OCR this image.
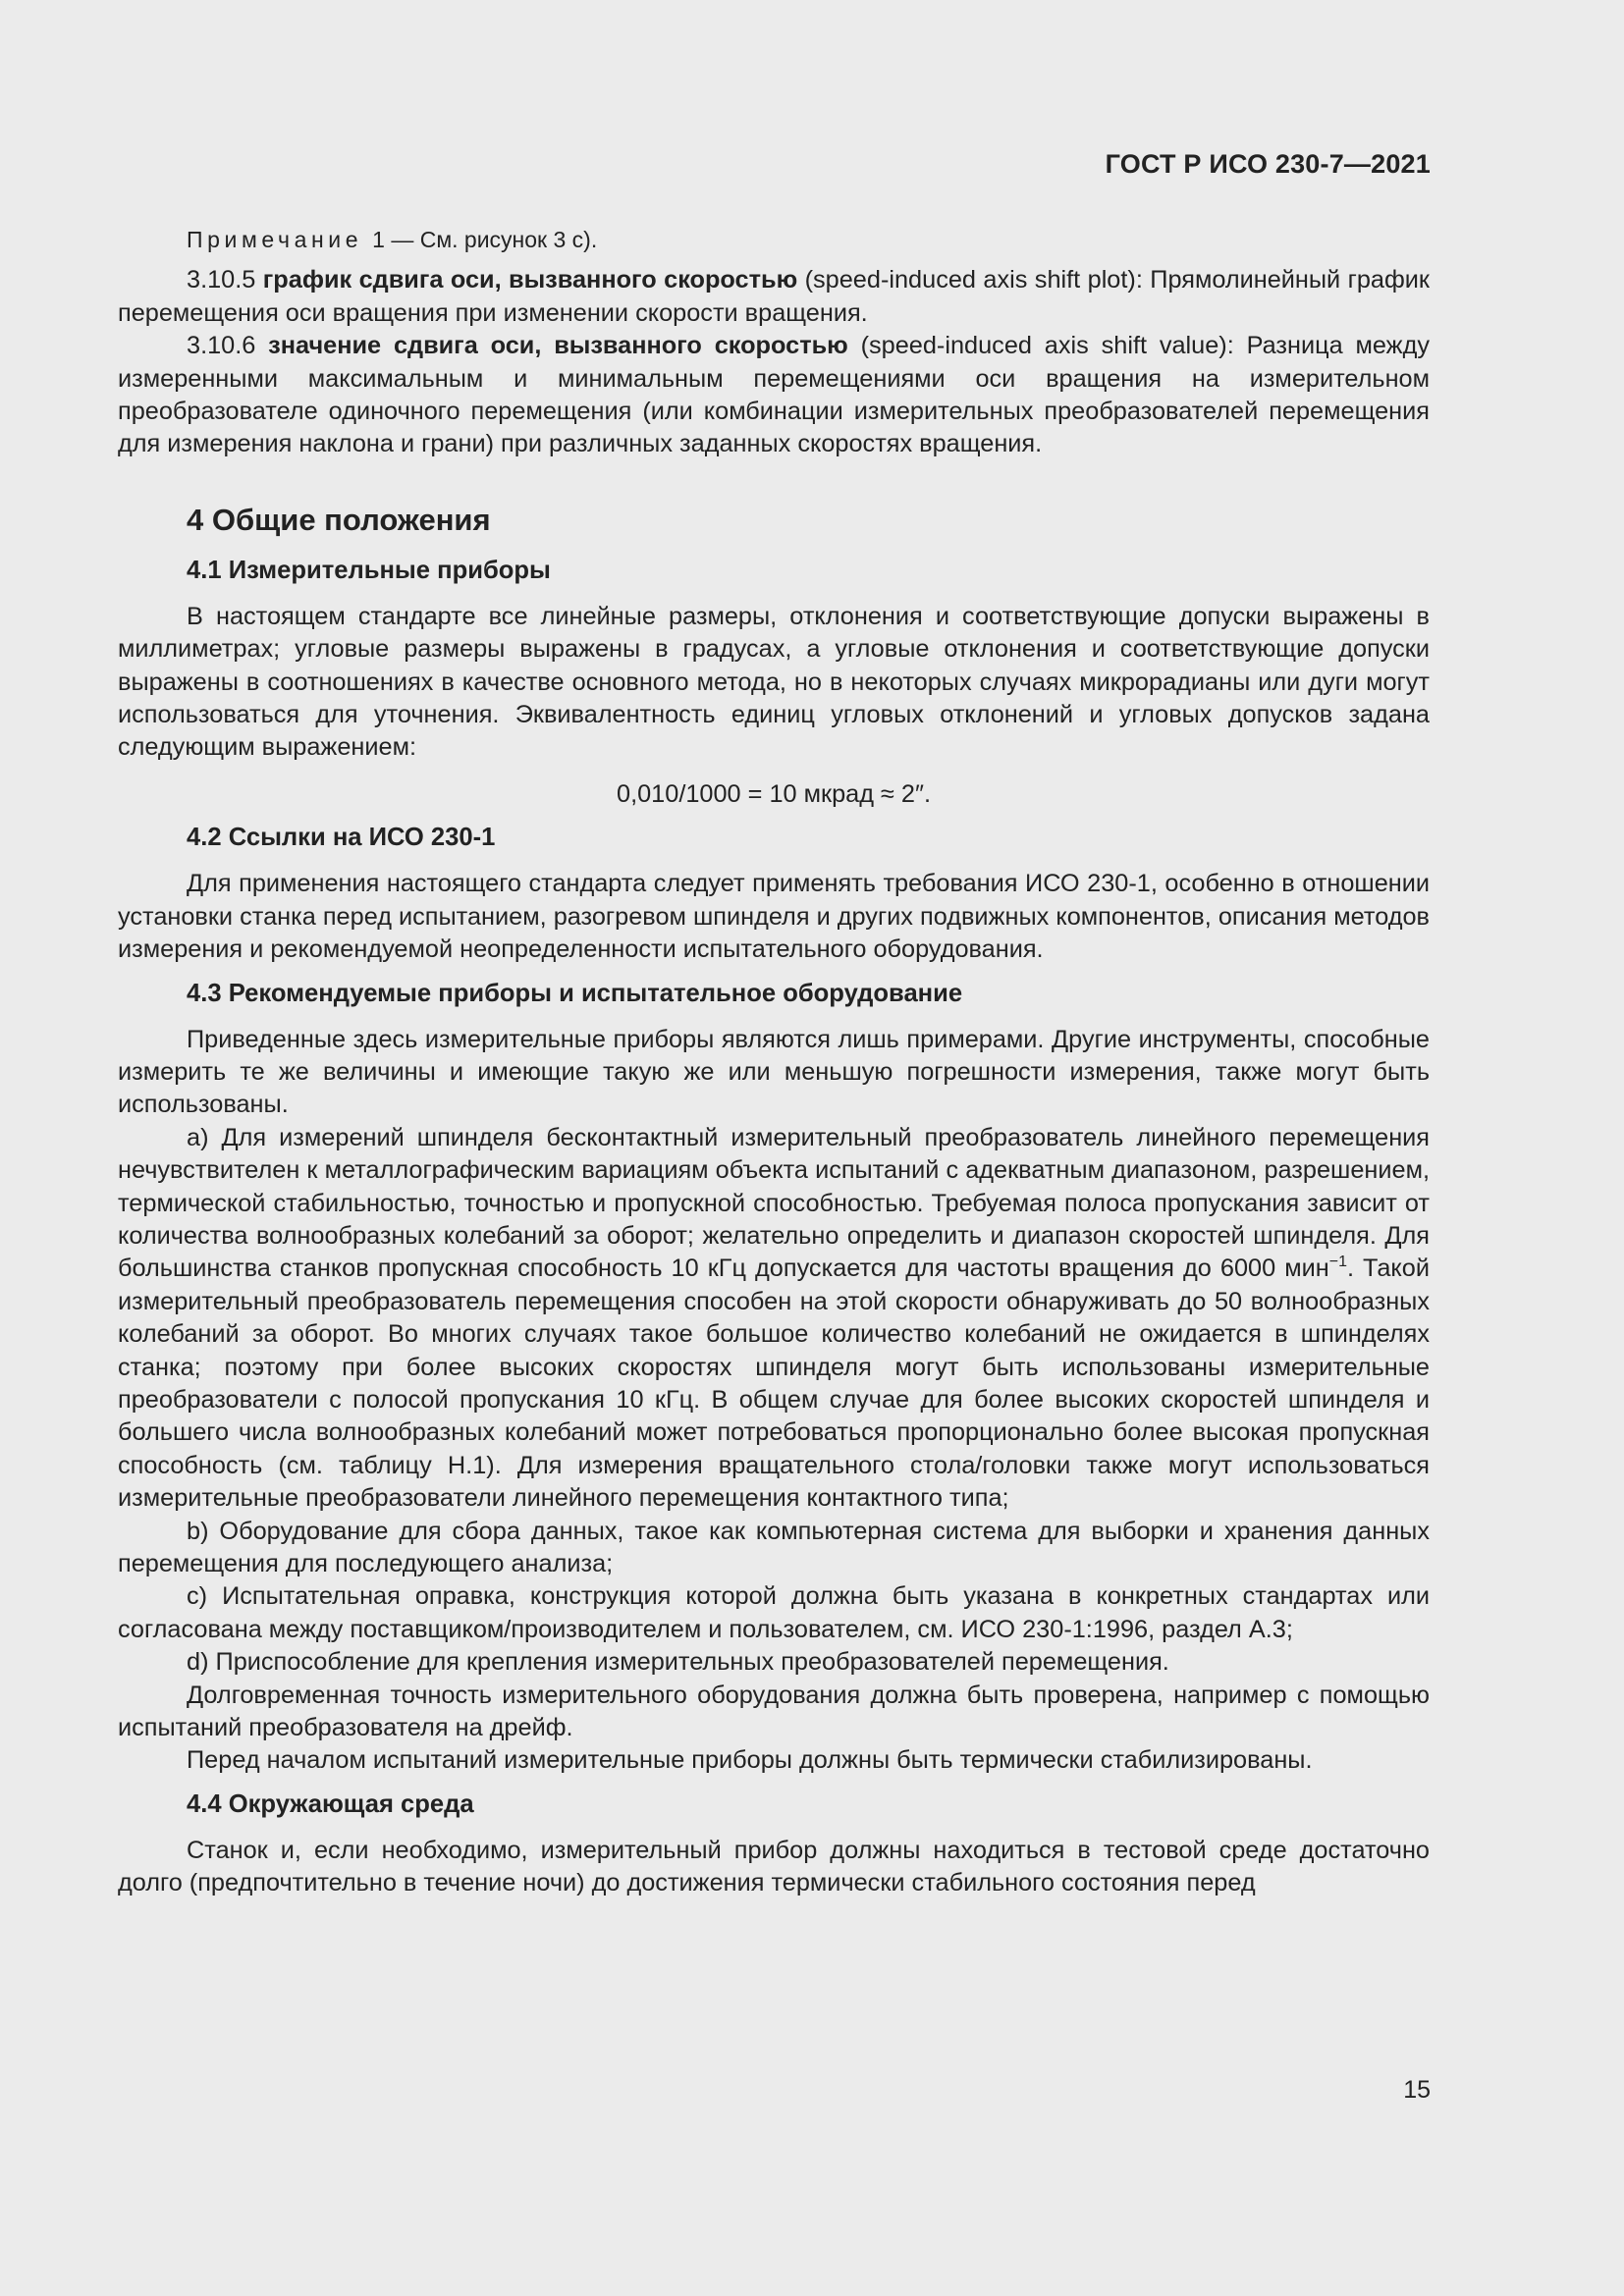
ГОСТ Р ИСО 230-7—2021

Примечание 1 — См. рисунок 3 с).

3.10.5 график сдвига оси, вызванного скоростью (speed-induced axis shift plot): Прямолинейный график перемещения оси вращения при изменении скорости вращения.

3.10.6 значение сдвига оси, вызванного скоростью (speed-induced axis shift value): Разница между измеренными максимальным и минимальным перемещениями оси вращения на измерительном преобразователе одиночного перемещения (или комбинации измерительных преобразователей перемещения для измерения наклона и грани) при различных заданных скоростях вращения.

4 Общие положения
4.1 Измерительные приборы

В настоящем стандарте все линейные размеры, отклонения и соответствующие допуски выражены в миллиметрах; угловые размеры выражены в градусах, а угловые отклонения и соответствующие допуски выражены в соотношениях в качестве основного метода, но в некоторых случаях микрорадианы или дуги могут использоваться для уточнения. Эквивалентность единиц угловых отклонений и угловых допусков задана следующим выражением:

0,010/1000 = 10 мкрад ≈ 2″.

4.2 Ссылки на ИСО 230-1

Для применения настоящего стандарта следует применять требования ИСО 230-1, особенно в отношении установки станка перед испытанием, разогревом шпинделя и других подвижных компонентов, описания методов измерения и рекомендуемой неопределенности испытательного оборудования.

4.3 Рекомендуемые приборы и испытательное оборудование

Приведенные здесь измерительные приборы являются лишь примерами. Другие инструменты, способные измерить те же величины и имеющие такую же или меньшую погрешности измерения, также могут быть использованы.

a) Для измерений шпинделя бесконтактный измерительный преобразователь линейного перемещения нечувствителен к металлографическим вариациям объекта испытаний с адекватным диапазоном, разрешением, термической стабильностью, точностью и пропускной способностью. Требуемая полоса пропускания зависит от количества волнообразных колебаний за оборот; желательно определить и диапазон скоростей шпинделя. Для большинства станков пропускная способность 10 кГц допускается для частоты вращения до 6000 мин$^{-1}$. Такой измерительный преобразователь перемещения способен на этой скорости обнаруживать до 50 волнообразных колебаний за оборот. Во многих случаях такое большое количество колебаний не ожидается в шпинделях станка; поэтому при более высоких скоростях шпинделя могут быть использованы измерительные преобразователи с полосой пропускания 10 кГц. В общем случае для более высоких скоростей шпинделя и большего числа волнообразных колебаний может потребоваться пропорционально более высокая пропускная способность (см. таблицу Н.1). Для измерения вращательного стола/головки также могут использоваться измерительные преобразователи линейного перемещения контактного типа;

b) Оборудование для сбора данных, такое как компьютерная система для выборки и хранения данных перемещения для последующего анализа;

c) Испытательная оправка, конструкция которой должна быть указана в конкретных стандартах или согласована между поставщиком/производителем и пользователем, см. ИСО 230-1:1996, раздел А.3;

d) Приспособление для крепления измерительных преобразователей перемещения.

Долговременная точность измерительного оборудования должна быть проверена, например с помощью испытаний преобразователя на дрейф.

Перед началом испытаний измерительные приборы должны быть термически стабилизированы.

4.4 Окружающая среда

Станок и, если необходимо, измерительный прибор должны находиться в тестовой среде достаточно долго (предпочтительно в течение ночи) до достижения термически стабильного состояния перед

15
